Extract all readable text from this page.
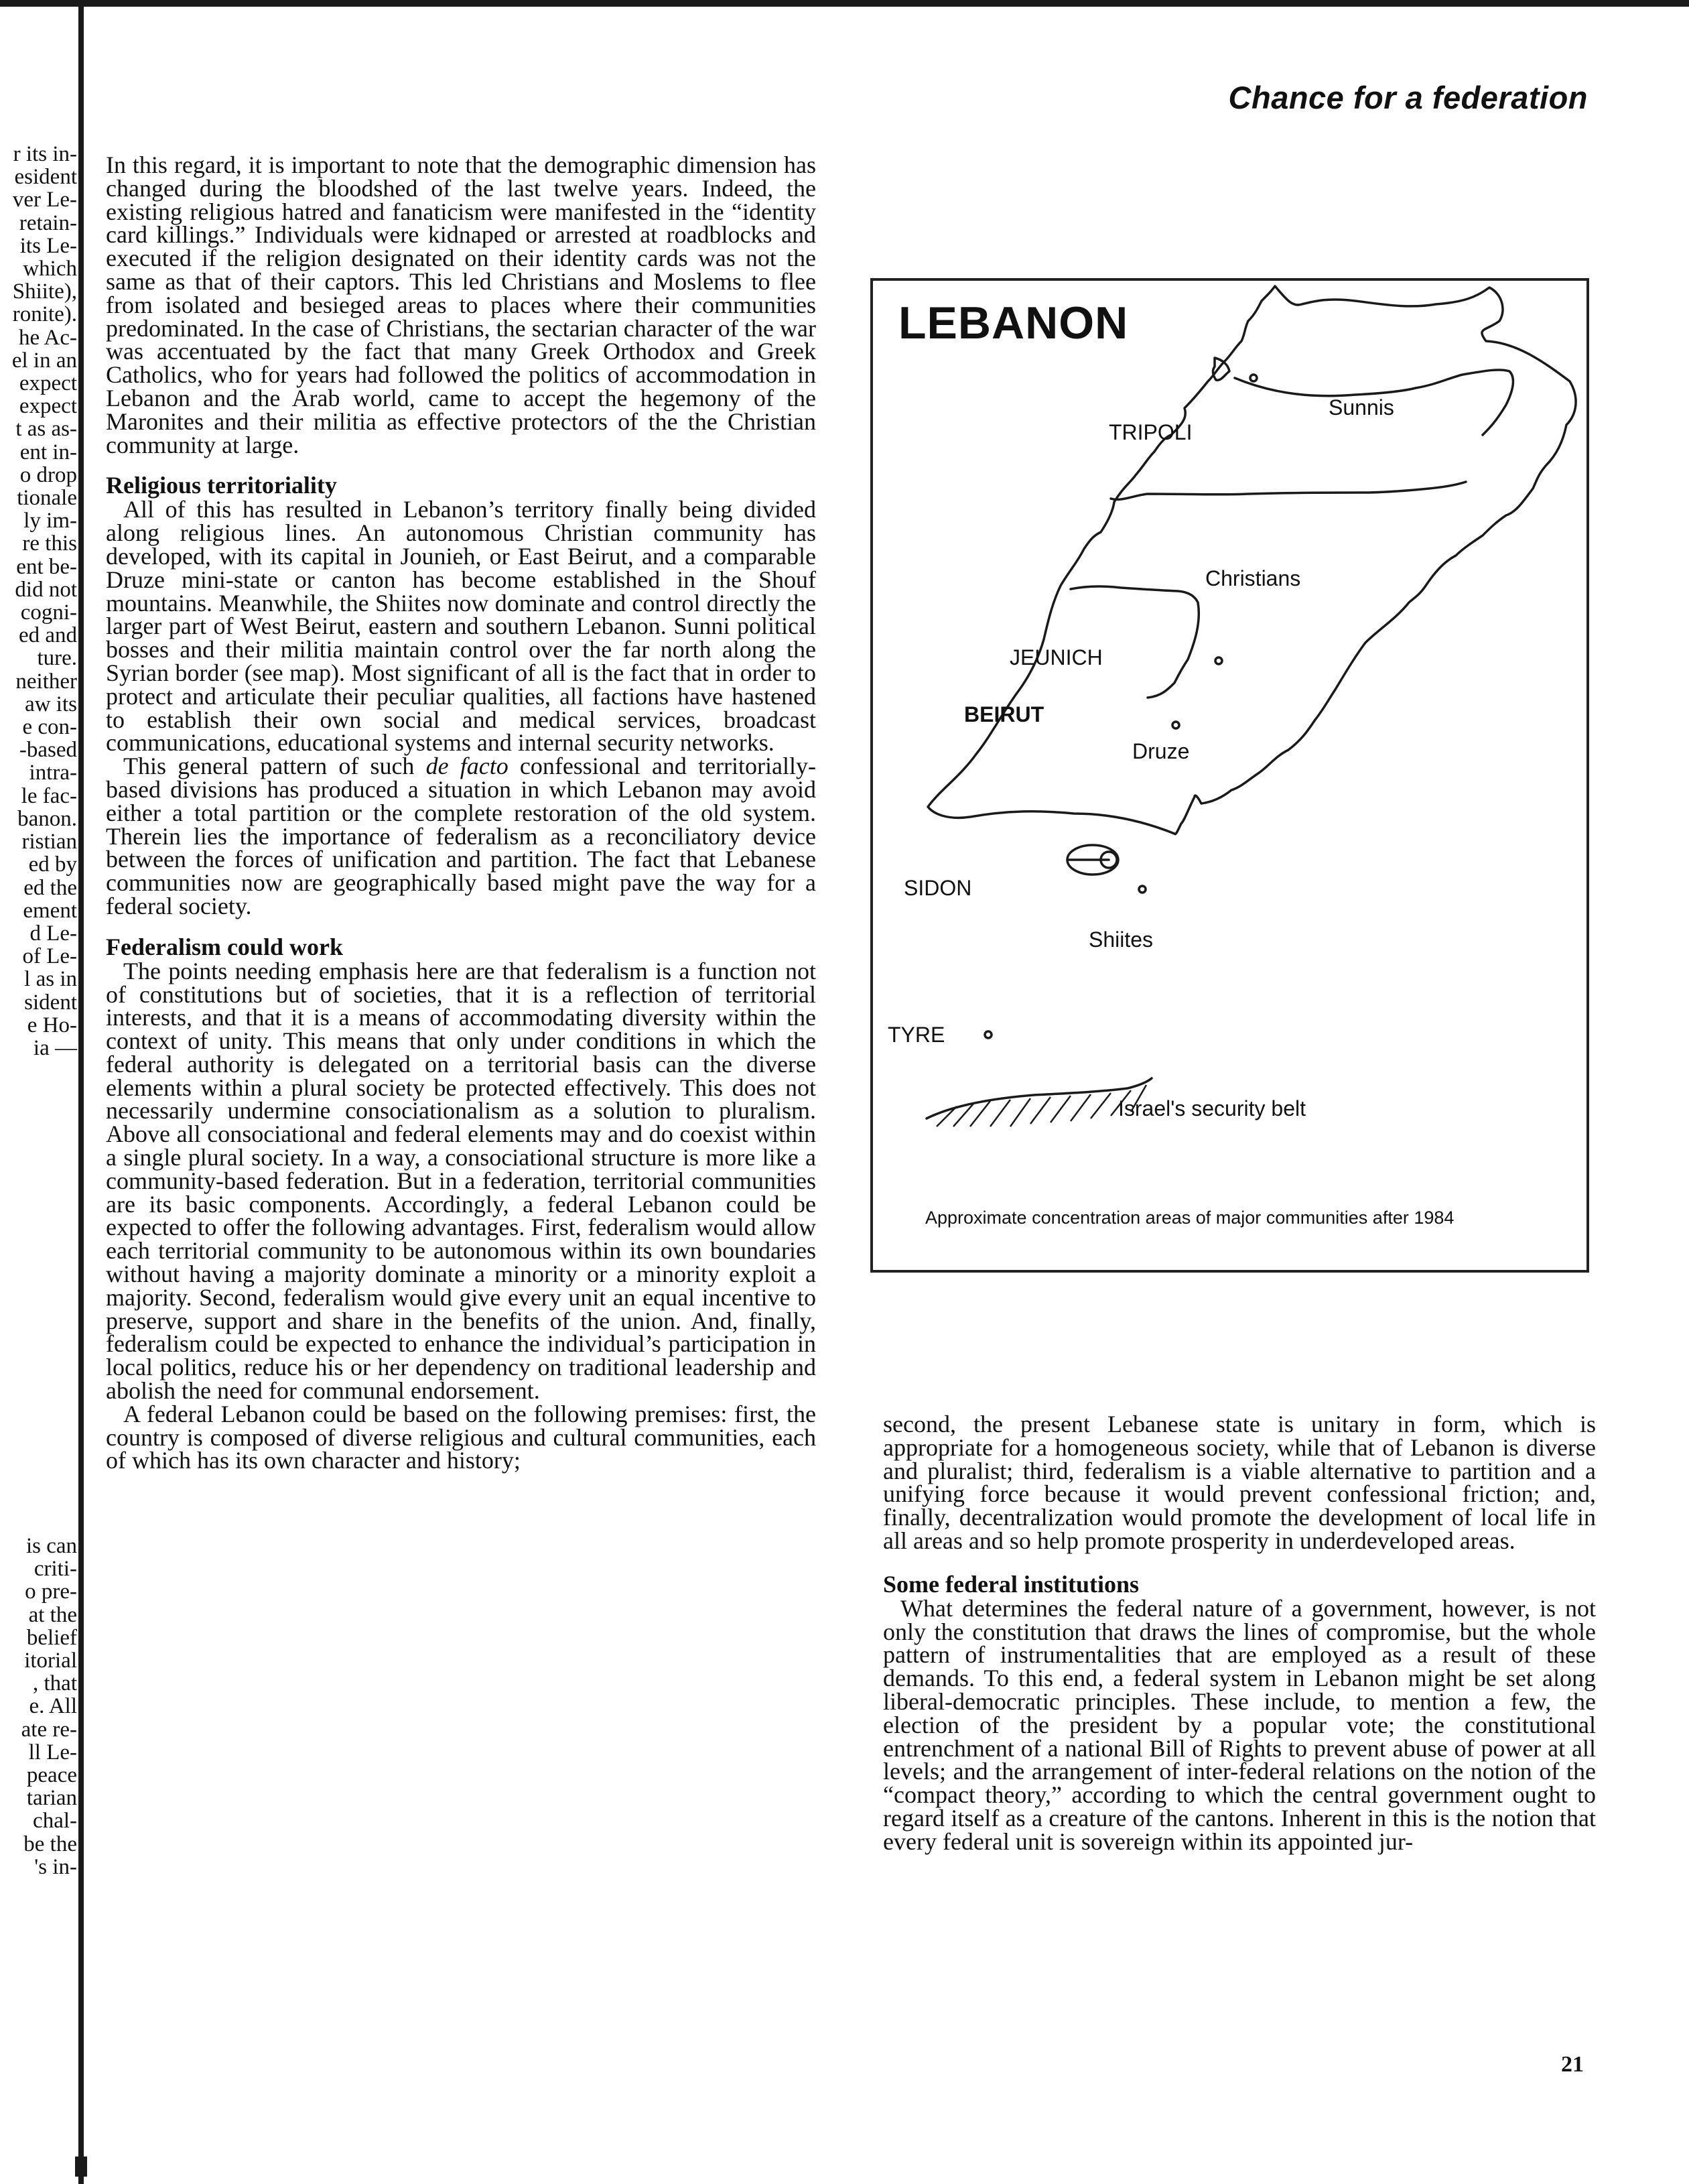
r its in-
esident
ver Le-
retain-
its Le-
which
Shiite),
ronite).
he Ac-
el in an
expect
expect
t as as-
ent in-
o drop
tionale
ly im-
re this
ent be-
did not
cogni-
ed and
ture.
neither
aw its
e con-
-based
intra-
le fac-
banon.
ristian
ed by
ed the
ement
d Le-
of Le-
l as in
sident
e Ho-
ia —
is can
criti-
o pre-
at the
belief
itorial
, that
e. All
ate re-
ll Le-
peace
tarian
chal-
be the
's in-
Chance for a federation

In this regard, it is important to note that the demographic dimension has changed during the bloodshed of the last twelve years. Indeed, the existing religious hatred and fanaticism were manifested in the “identity card killings.” Individuals were kidnaped or arrested at roadblocks and executed if the religion designated on their identity cards was not the same as that of their captors. This led Christians and Moslems to flee from isolated and besieged areas to places where their communities predominated. In the case of Christians, the sectarian character of the war was accentuated by the fact that many Greek Orthodox and Greek Catholics, who for years had followed the politics of accommodation in Lebanon and the Arab world, came to accept the hegemony of the Maronites and their militia as effective protectors of the the Christian community at large.

Religious territoriality

All of this has resulted in Lebanon’s territory finally being divided along religious lines. An autonomous Christian community has developed, with its capital in Jounieh, or East Beirut, and a comparable Druze mini-state or canton has become established in the Shouf mountains. Meanwhile, the Shiites now dominate and control directly the larger part of West Beirut, eastern and southern Lebanon. Sunni political bosses and their militia maintain control over the far north along the Syrian border (see map). Most significant of all is the fact that in order to protect and articulate their peculiar qualities, all factions have hastened to establish their own social and medical services, broadcast communications, educational systems and internal security networks.

This general pattern of such de facto confessional and territorially-based divisions has produced a situation in which Lebanon may avoid either a total partition or the complete restoration of the old system. Therein lies the importance of federalism as a reconciliatory device between the forces of unification and partition. The fact that Lebanese communities now are geographically based might pave the way for a federal society.

Federalism could work

The points needing emphasis here are that federalism is a function not of constitutions but of societies, that it is a reflection of territorial interests, and that it is a means of accommodating diversity within the context of unity. This means that only under conditions in which the federal authority is delegated on a territorial basis can the diverse elements within a plural society be protected effectively. This does not necessarily undermine consociationalism as a solution to pluralism. Above all consociational and federal elements may and do coexist within a single plural society. In a way, a consociational structure is more like a community-based federation. But in a federation, territorial communities are its basic components. Accordingly, a federal Lebanon could be expected to offer the following advantages. First, federalism would allow each territorial community to be autonomous within its own boundaries without having a majority dominate a minority or a minority exploit a majority. Second, federalism would give every unit an equal incentive to preserve, support and share in the benefits of the union. And, finally, federalism could be expected to enhance the individual’s participation in local politics, reduce his or her dependency on traditional leadership and abolish the need for communal endorsement.

A federal Lebanon could be based on the following premises: first, the country is composed of diverse religious and cultural communities, each of which has its own character and history;

LEBANON
Sunnis
Christians
Druze
Shiites
Israel's security belt
TRIPOLI
JEUNICH
BEIRUT
SIDON
TYRE
Approximate concentration areas of major communities after 1984

second, the present Lebanese state is unitary in form, which is appropriate for a homogeneous society, while that of Lebanon is diverse and pluralist; third, federalism is a viable alternative to partition and a unifying force because it would prevent confessional friction; and, finally, decentralization would promote the development of local life in all areas and so help promote prosperity in underdeveloped areas.

Some federal institutions

What determines the federal nature of a government, however, is not only the constitution that draws the lines of compromise, but the whole pattern of instrumentalities that are employed as a result of these demands. To this end, a federal system in Lebanon might be set along liberal-democratic principles. These include, to mention a few, the election of the president by a popular vote; the constitutional entrenchment of a national Bill of Rights to prevent abuse of power at all levels; and the arrangement of inter-federal relations on the notion of the “compact theory,” according to which the central government ought to regard itself as a creature of the cantons. Inherent in this is the notion that every federal unit is sovereign within its appointed jur-

21
